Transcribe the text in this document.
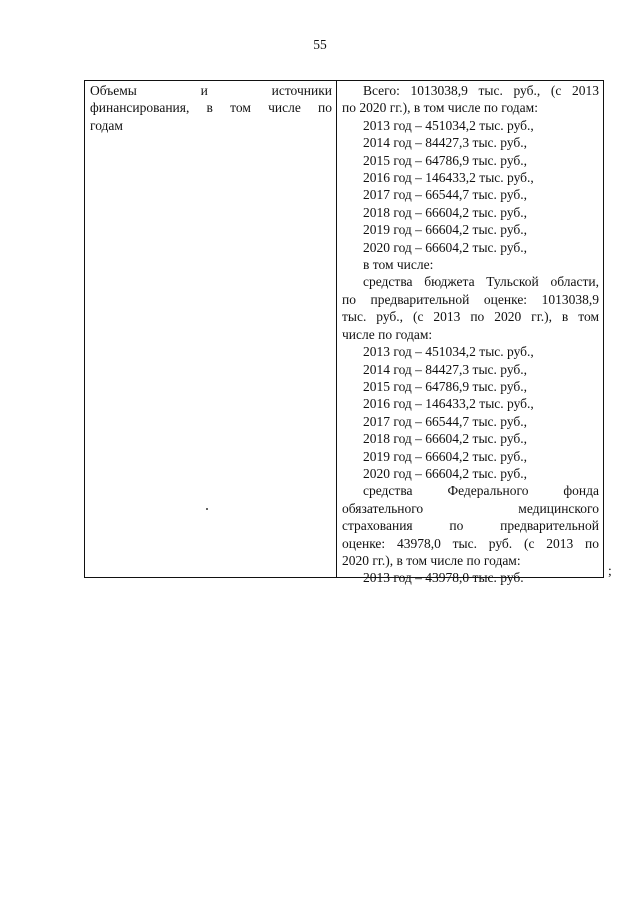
55
Объемы и источники
финансирования, в том числе по
годам
Всего: 1013038,9 тыс. руб., (с 2013
по 2020 гг.), в том числе по годам:
2013 год – 451034,2 тыс. руб.,
2014 год – 84427,3 тыс. руб.,
2015 год – 64786,9 тыс. руб.,
2016 год – 146433,2 тыс. руб.,
2017 год – 66544,7 тыс. руб.,
2018 год – 66604,2 тыс. руб.,
2019 год – 66604,2 тыс. руб.,
2020 год – 66604,2 тыс. руб.,
в том числе:
средства бюджета Тульской области,
по предварительной оценке: 1013038,9
тыс. руб., (с 2013 по 2020 гг.), в том
числе по годам:
2013 год – 451034,2 тыс. руб.,
2014 год – 84427,3 тыс. руб.,
2015 год – 64786,9 тыс. руб.,
2016 год – 146433,2 тыс. руб.,
2017 год – 66544,7 тыс. руб.,
2018 год – 66604,2 тыс. руб.,
2019 год – 66604,2 тыс. руб.,
2020 год – 66604,2 тыс. руб.,
средства Федерального фонда
обязательного медицинского
страхования по предварительной
оценке: 43978,0 тыс. руб. (с 2013 по
2020 гг.), в том числе по годам:
2013 год – 43978,0 тыс. руб.	;
